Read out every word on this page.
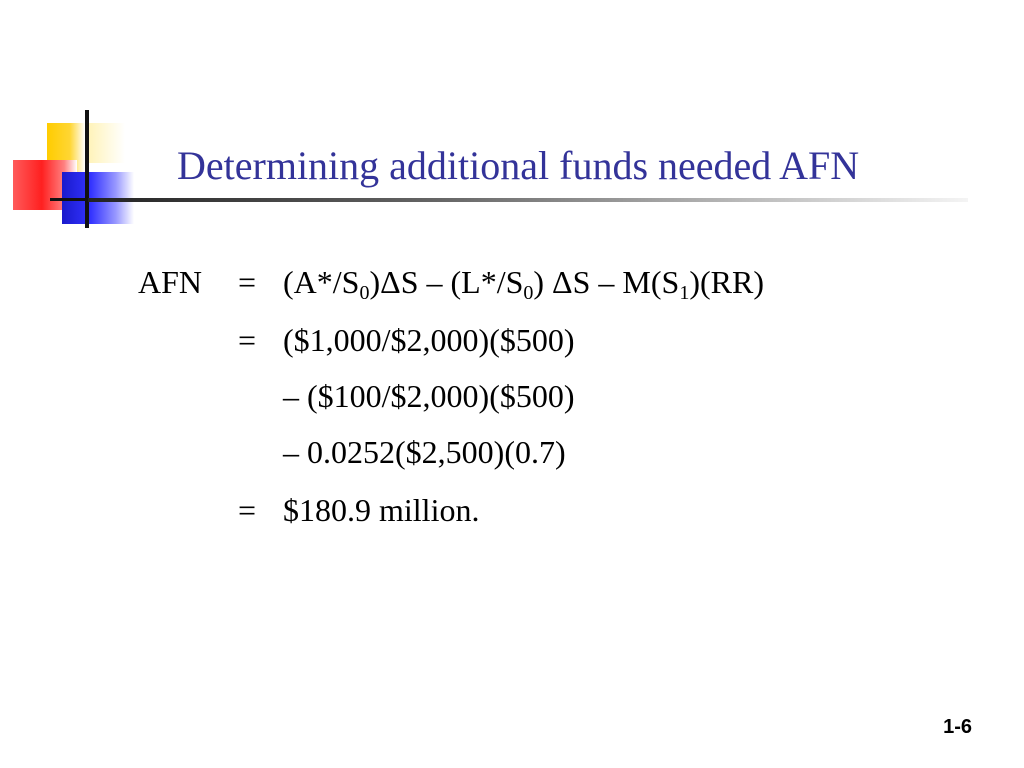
Determining additional funds needed AFN
AFN = $(A*/S_0)\Delta S - (L*/S_0)$ ΔS – $M(S_1)(RR)$
= ($1,000/$2,000)($500)
– ($100/$2,000)($500)
– 0.0252($2,500)(0.7)
= $180.9 million.
1-6
